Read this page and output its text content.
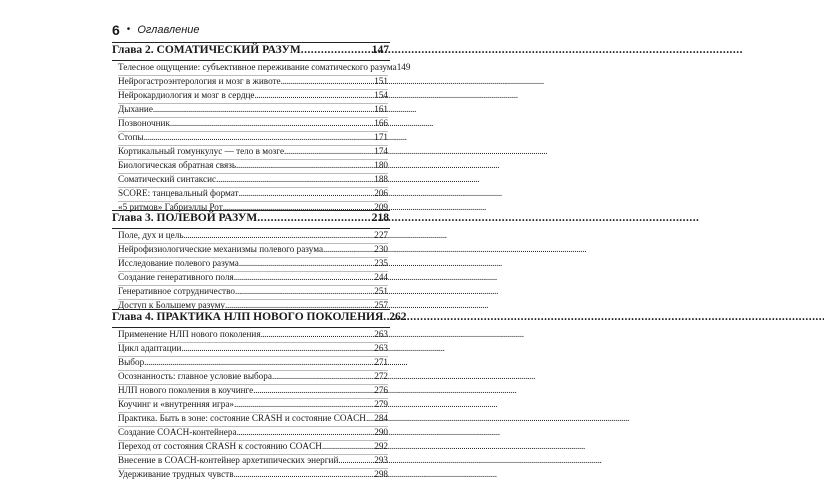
6 • Оглавление
Глава 2. СОМАТИЧЕСКИЙ РАЗУМ . . .	147
Телесное ощущение: субъективное переживание соматического разума 149
Нейрогастроэнтерология и мозг в животе . . .	151
Нейрокардиология и мозг в сердце . . .	154
Дыхание . . .	161
Позвоночник . . .	166
Стопы . . .	171
Кортикальный гомункулус — тело в мозге . . .	174
Биологическая обратная связь . . .	180
Соматический синтаксис . . .	188
SCORE: танцевальный формат . . .	206
«5 ритмов» Габриэллы Рот . . .	209
Глава 3. ПОЛЕВОЙ РАЗУМ . . .	218
Поле, дух и цель . . .	227
Нейрофизиологические механизмы полевого разума . . .	230
Исследование полевого разума . . .	235
Создание генеративного поля . . .	244
Генеративное сотрудничество . . .	251
Доступ к Большему разуму . . .	257
Глава 4. ПРАКТИКА НЛП НОВОГО ПОКОЛЕНИЯ . . . 262
Применение НЛП нового поколения . . .	263
Цикл адаптации . . .	263
Выбор . . .	271
Осознанность: главное условие выбора . . .	272
НЛП нового поколения в коучинге . . .	276
Коучинг и «внутренняя игра» . . .	279
Практика. Быть в зоне: состояние CRASH и состояние COACH . . . 284
Создание COACH-контейнера . . .	290
Переход от состояния CRASH к состоянию COACH . . .	292
Внесение в COACH-контейнер архетипических энергий . . .	293
Удерживание трудных чувств . . .	298
